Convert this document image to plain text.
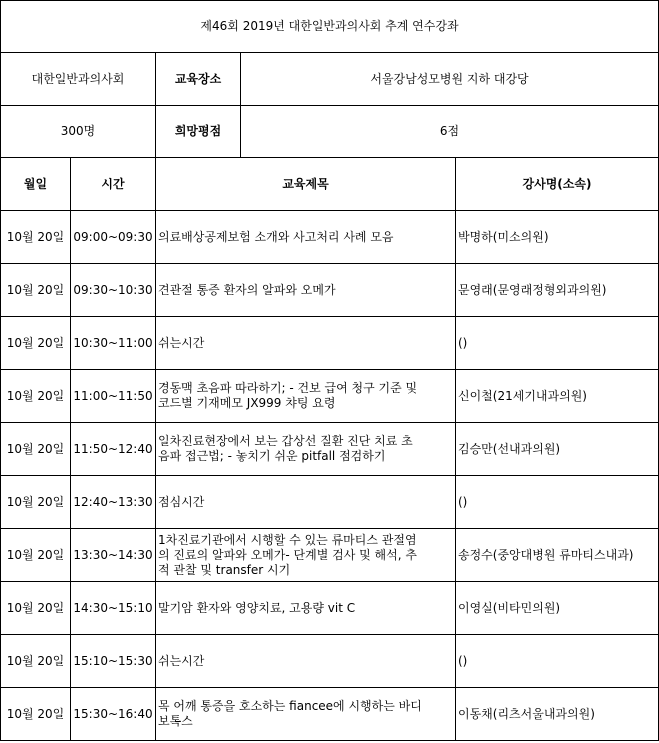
제46회 2019년 대한일반과의사회 추계 연수강좌				
대한일반과의사회		교육장소	서울강남성모병원 지하 대강당	
300명		희망평점	6점	
월일	시간	교육제목		강사명(소속)
10월 20일	09:00~09:30	의료배상공제보험 소개와 사고처리 사례 모음		박명하(미소의원)
10월 20일	09:30~10:30	견관절 통증 환자의 알파와 오메가		문영래(문영래정형외과의원)
10월 20일	10:30~11:00	쉬는시간		()
10월 20일	11:00~11:50	경동맥 초음파 따라하기; - 건보 급여 청구 기준 및
코드별 기재메모 JX999 챠팅 요령		신이철(21세기내과의원)
10월 20일	11:50~12:40	일차진료현장에서 보는 갑상선 질환 진단 치료 초
음파 접근법; - 놓치기 쉬운 pitfall 점검하기		김승만(선내과의원)
10월 20일	12:40~13:30	점심시간		()
10월 20일	13:30~14:30	1차진료기관에서 시행할 수 있는 류마티스 관절염
의 진료의 알파와 오메가- 단계별 검사 및 해석, 추
적 관찰 및 transfer 시기		송정수(중앙대병원 류마티스내과)
10월 20일	14:30~15:10	말기암 환자와 영양치료, 고용량 vit C		이영실(비타민의원)
10월 20일	15:10~15:30	쉬는시간		()
10월 20일	15:30~16:40	목 어깨 통증을 호소하는 fiancee에 시행하는 바디
보톡스		이동채(리츠서울내과의원)
